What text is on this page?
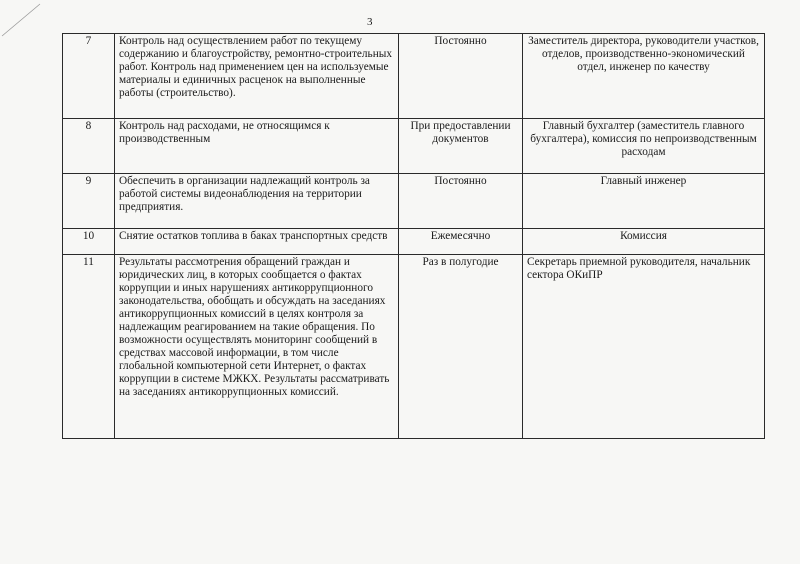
3
7	Контроль над осуществлением работ по текущему содержанию и благоустройству, ремонтно-строительных работ. Контроль над применением цен на используемые материалы и единичных расценок на выполненные работы (строительство).	Постоянно	Заместитель директора, руководители участков, отделов, производственно-экономический отдел, инженер по качеству
8	Контроль над расходами, не относящимся к производственным	При предоставлении документов	Главный бухгалтер (заместитель главного бухгалтера), комиссия по непроизводственным расходам
9	Обеспечить в организации надлежащий контроль за работой системы видеонаблюдения на территории предприятия.	Постоянно	Главный инженер
10	Снятие остатков топлива в баках транспортных средств	Ежемесячно	Комиссия
11	Результаты рассмотрения обращений граждан и юридических лиц, в которых сообщается о фактах коррупции и иных нарушениях антикоррупционного законодательства, обобщать и обсуждать на заседаниях антикоррупционных комиссий в целях контроля за надлежащим реагированием на такие обращения. По возможности осуществлять мониторинг сообщений в средствах массовой информации, в том числе глобальной компьютерной сети Интернет, о фактах коррупции в системе МЖКХ. Результаты рассматривать на заседаниях антикоррупционных комиссий.	Раз в полугодие	Секретарь приемной руководителя, начальник сектора ОКиПР
